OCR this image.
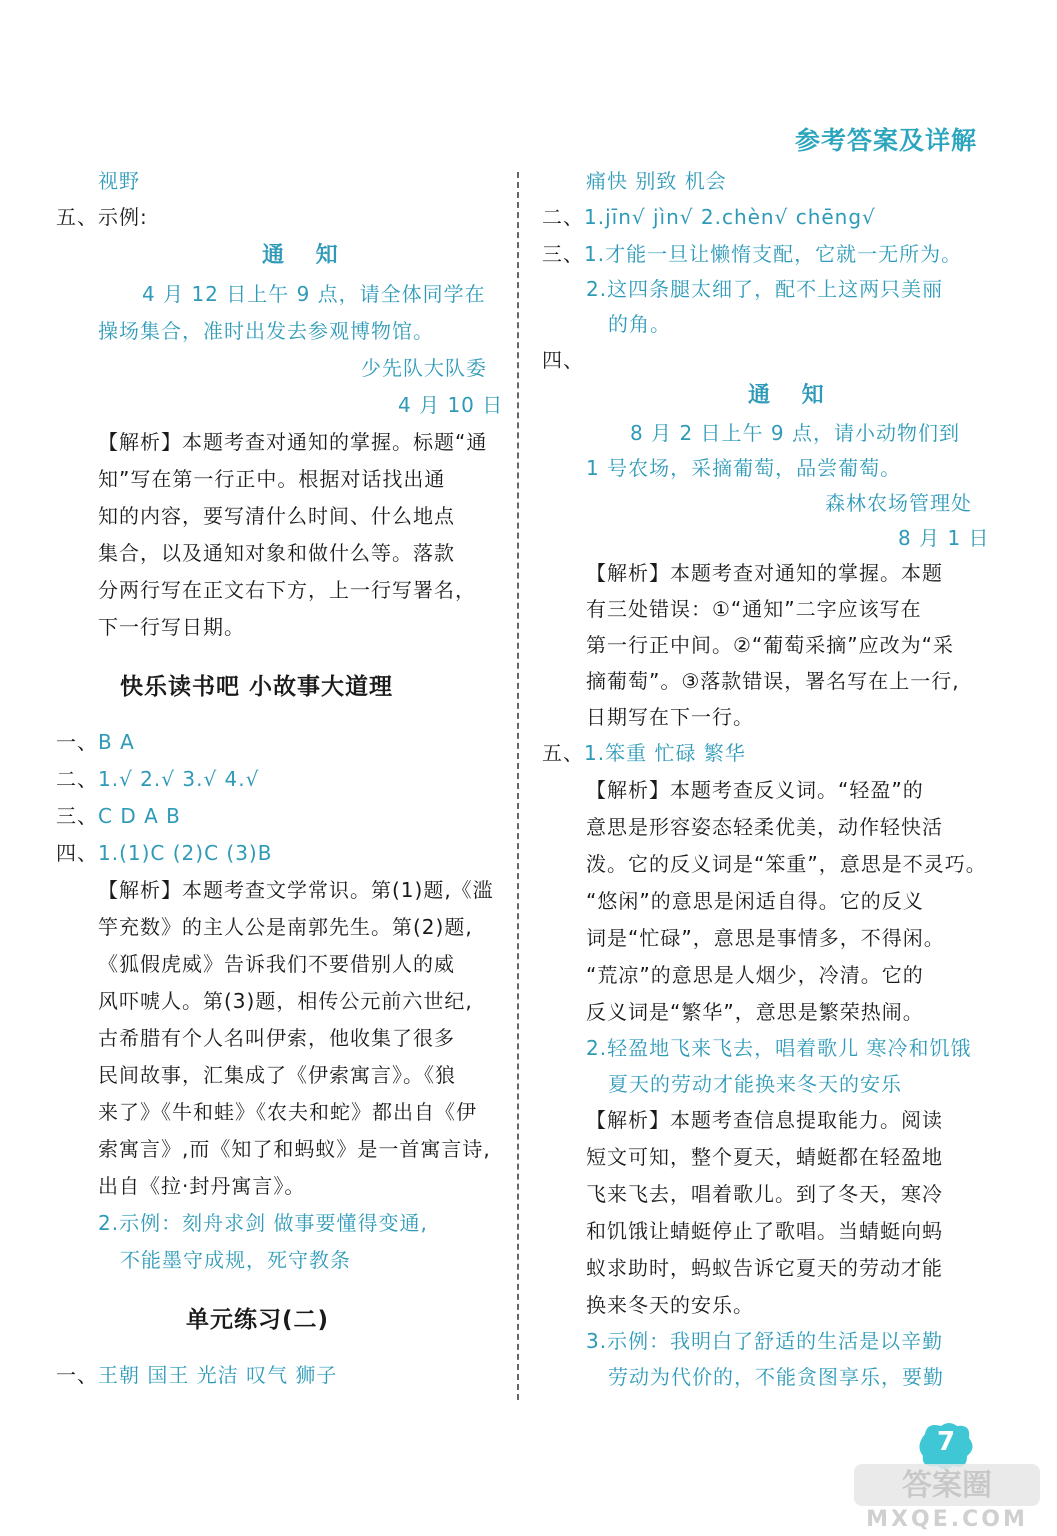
参考答案及详解
视野
五、示例:
通 知
4 月 12 日上午 9 点，请全体同学在
操场集合，准时出发去参观博物馆。
少先队大队委
4 月 10 日
【解析】本题考查对通知的掌握。标题“通
知”写在第一行正中。根据对话找出通
知的内容，要写清什么时间、什么地点
集合，以及通知对象和做什么等。落款
分两行写在正文右下方，上一行写署名，
下一行写日期。
快乐读书吧 小故事大道理
一、B A
二、1.√ 2.√ 3.√ 4.√
三、C D A B
四、1.(1)C (2)C (3)B
【解析】本题考查文学常识。第(1)题,《滥
竽充数》的主人公是南郭先生。第(2)题,
《狐假虎威》告诉我们不要借别人的威
风吓唬人。第(3)题，相传公元前六世纪,
古希腊有个人名叫伊索，他收集了很多
民间故事，汇集成了《伊索寓言》。《狼
来了》《牛和蛙》《农夫和蛇》都出自《伊
索寓言》,而《知了和蚂蚁》是一首寓言诗,
出自《拉·封丹寓言》。
2.示例：刻舟求剑 做事要懂得变通,
不能墨守成规，死守教条
单元练习(二)
一、王朝 国王 光洁 叹气 狮子
痛快 别致 机会
二、1.jīn√ jìn√ 2.chèn√ chēng√
三、1.才能一旦让懒惰支配，它就一无所为。
2.这四条腿太细了，配不上这两只美丽
的角。
四、
通 知
8 月 2 日上午 9 点，请小动物们到
1 号农场，采摘葡萄，品尝葡萄。
森林农场管理处
8 月 1 日
【解析】本题考查对通知的掌握。本题
有三处错误：①“通知”二字应该写在
第一行正中间。②“葡萄采摘”应改为“采
摘葡萄”。③落款错误，署名写在上一行,
日期写在下一行。
五、1.笨重 忙碌 繁华
【解析】本题考查反义词。“轻盈”的
意思是形容姿态轻柔优美，动作轻快活
泼。它的反义词是“笨重”，意思是不灵巧。
“悠闲”的意思是闲适自得。它的反义
词是“忙碌”，意思是事情多，不得闲。
“荒凉”的意思是人烟少，冷清。它的
反义词是“繁华”，意思是繁荣热闹。
2.轻盈地飞来飞去，唱着歌儿 寒冷和饥饿
夏天的劳动才能换来冬天的安乐
【解析】本题考查信息提取能力。阅读
短文可知，整个夏天，蜻蜓都在轻盈地
飞来飞去，唱着歌儿。到了冬天，寒冷
和饥饿让蜻蜓停止了歌唱。当蜻蜓向蚂
蚁求助时，蚂蚁告诉它夏天的劳动才能
换来冬天的安乐。
3.示例：我明白了舒适的生活是以辛勤
劳动为代价的，不能贪图享乐，要勤
7
答案圈
MXQE.COM
